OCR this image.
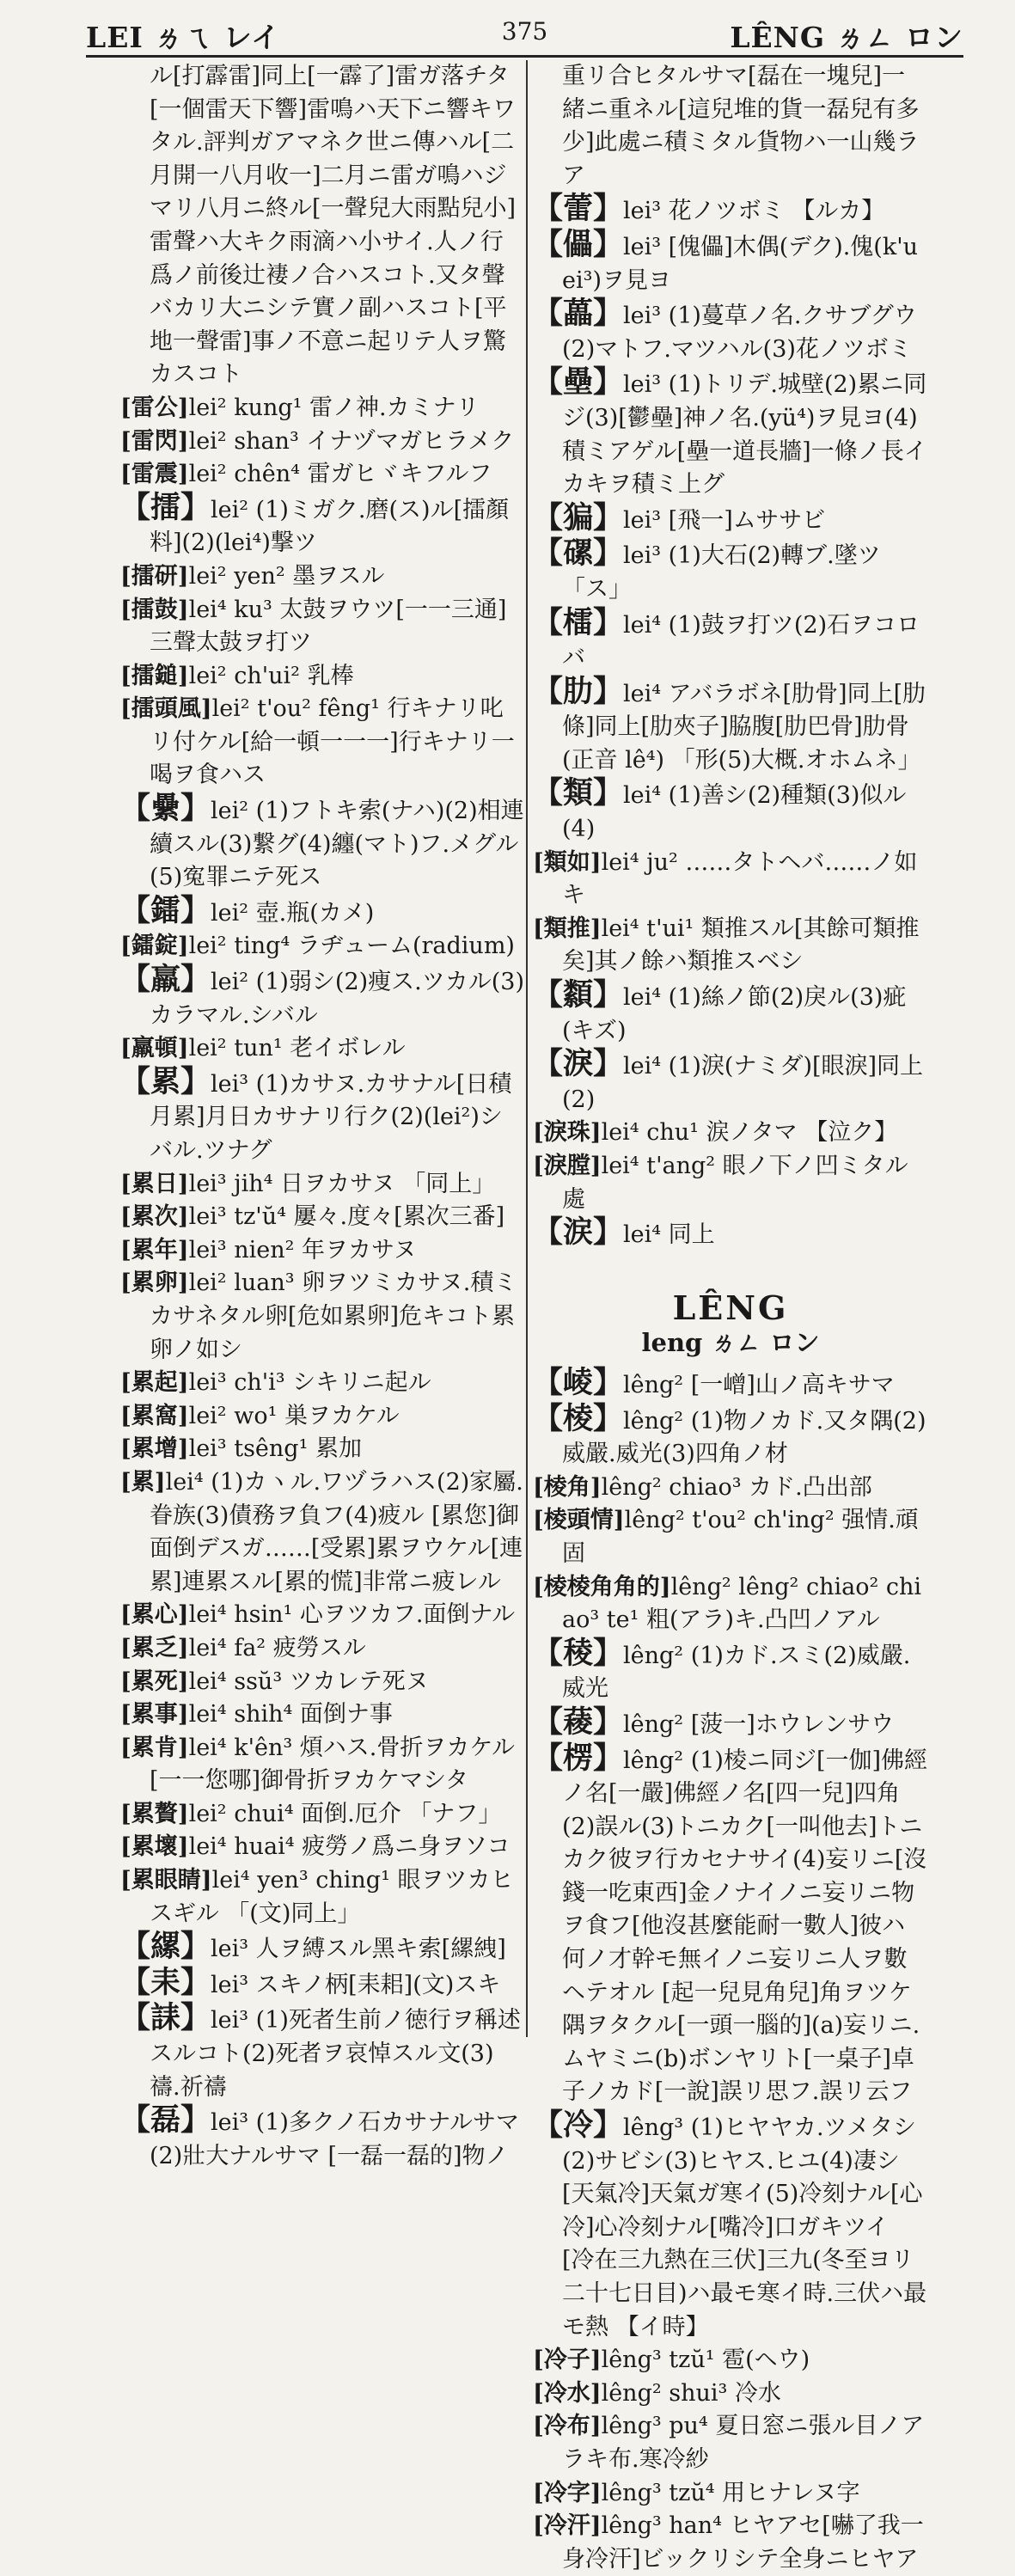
LEI ㄌㄟ レイ	375	LÊNG ㄌㄥ ロン

ル[打霹雷]同上[一霹了]雷ガ落チタ[一個雷天下響]雷鳴ハ天下ニ響キワタル.評判ガアマネク世ニ傳ハル[二月開一八月收一]二月ニ雷ガ鳴ハジマリ八月ニ終ル[一聲兒大雨點兒小]雷聲ハ大キク雨滴ハ小サイ.人ノ行爲ノ前後辻褄ノ合ハスコト.又タ聲バカリ大ニシテ實ノ副ハスコト[平地一聲雷]事ノ不意ニ起リテ人ヲ驚カスコト

[雷公]lei² kung¹ 雷ノ神.カミナリ

[雷閃]lei² shan³ イナヅマガヒラメク

[雷震]lei² chên⁴ 雷ガヒヾキフルフ

【擂】lei² (1)ミガク.磨(ス)ル[擂顏料](2)(lei⁴)撃ツ

[擂研]lei² yen² 墨ヲスル

[擂鼓]lei⁴ ku³ 太鼓ヲウツ[一一三通]三聲太鼓ヲ打ツ

[擂鎚]lei² ch'ui² 乳棒

[擂頭風]lei² t'ou² fêng¹ 行キナリ叱リ付ケル[給一頓一一一]行キナリ一喝ヲ食ハス

【纍】lei² (1)フトキ索(ナハ)(2)相連續スル(3)繋グ(4)纏(マト)フ.メグル(5)寃罪ニテ死ス

【鐳】lei² 壺.瓶(カメ)

[鐳錠]lei² ting⁴ ラヂューム(radium)

【羸】lei² (1)弱シ(2)痩ス.ツカル(3)カラマル.シバル

[羸頓]lei² tun¹ 老イボレル

【累】lei³ (1)カサヌ.カサナル[日積月累]月日カサナリ行ク(2)(lei²)シバル.ツナグ

[累日]lei³ jih⁴ 日ヲカサヌ 「同上」

[累次]lei³ tz'ŭ⁴ 屢々.度々[累次三番]

[累年]lei³ nien² 年ヲカサヌ

[累卵]lei² luan³ 卵ヲツミカサヌ.積ミカサネタル卵[危如累卵]危キコト累卵ノ如シ

[累起]lei³ ch'i³ シキリニ起ル

[累窩]lei² wo¹ 巣ヲカケル

[累增]lei³ tsêng¹ 累加

[累]lei⁴ (1)カヽル.ワヅラハス(2)家屬.眷族(3)債務ヲ負フ(4)疲ル [累您]御面倒デスガ……[受累]累ヲウケル[連累]連累スル[累的慌]非常ニ疲レル

[累心]lei⁴ hsin¹ 心ヲツカフ.面倒ナル

[累乏]lei⁴ fa² 疲勞スル

[累死]lei⁴ ssŭ³ ツカレテ死ヌ

[累事]lei⁴ shih⁴ 面倒ナ事

[累肯]lei⁴ k'ên³ 煩ハス.骨折ヲカケル[一一您哪]御骨折ヲカケマシタ

[累贅]lei² chui⁴ 面倒.厄介 「ナフ」

[累壞]lei⁴ huai⁴ 疲勞ノ爲ニ身ヲソコ

[累眼睛]lei⁴ yen³ ching¹ 眼ヲツカヒスギル 「(文)同上」

【縲】lei³ 人ヲ縛スル黑キ索[縲絏]

【耒】lei³ スキノ柄[耒耜](文)スキ

【誄】lei³ (1)死者生前ノ徳行ヲ稱述スルコト(2)死者ヲ哀悼スル文(3)禱.祈禱

【磊】lei³ (1)多クノ石カサナルサマ(2)壯大ナルサマ [一磊一磊的]物ノ

重リ合ヒタルサマ[磊在一塊兒]一緒ニ重ネル[這兒堆的貨一磊兒有多少]此處ニ積ミタル貨物ハ一山幾ラア

【蕾】lei³ 花ノツボミ 【ルカ】

【儡】lei³ [傀儡]木偶(デク).傀(k'uei³)ヲ見ヨ

【藟】lei³ (1)蔓草ノ名.クサブグウ(2)マトフ.マツハル(3)花ノツボミ

【壘】lei³ (1)トリデ.城壁(2)累ニ同ジ(3)[鬱壘]神ノ名.(yü⁴)ヲ見ヨ(4)積ミアゲル[壘一道長牆]一條ノ長イカキヲ積ミ上グ

【猵】lei³ [飛一]ムササビ

【磥】lei³ (1)大石(2)轉ブ.墜ツ 「ス」

【檑】lei⁴ (1)鼓ヲ打ツ(2)石ヲコロバ

【肋】lei⁴ アバラボネ[肋骨]同上[肋條]同上[肋夾子]脇腹[肋巴骨]肋骨(正音 lê⁴) 「形(5)大概.オホムネ」

【類】lei⁴ (1)善シ(2)種類(3)似ル(4)

[類如]lei⁴ ju² ……タトヘバ……ノ如キ

[類推]lei⁴ t'ui¹ 類推スル[其餘可類推矣]其ノ餘ハ類推スベシ

【纇】lei⁴ (1)絲ノ節(2)戾ル(3)疵(キズ)

【淚】lei⁴ (1)淚(ナミダ)[眼淚]同上(2)

[淚珠]lei⁴ chu¹ 涙ノタマ 【泣ク】

[淚膛]lei⁴ t'ang² 眼ノ下ノ凹ミタル處

【涙】lei⁴ 同上

LÊNG
leng ㄌㄥ ロン

【崚】lêng² [一嶒]山ノ高キサマ

【棱】lêng² (1)物ノカド.又タ隅(2)威嚴.威光(3)四角ノ材

[棱角]lêng² chiao³ カド.凸出部

[棱頭情]lêng² t'ou² ch'ing² 强情.頑固

[棱棱角角的]lêng² lêng² chiao² chiao³ te¹ 粗(アラ)キ.凸凹ノアル

【稜】lêng² (1)カド.スミ(2)威嚴.威光

【薐】lêng² [菠一]ホウレンサウ

【楞】lêng² (1)棱ニ同ジ[一伽]佛經ノ名[一嚴]佛經ノ名[四一兒]四角(2)誤ル(3)トニカク[一叫他去]トニカク彼ヲ行カセナサイ(4)妄リニ[沒錢一吃東西]金ノナイノニ妄リニ物ヲ食フ[他沒甚麼能耐一數人]彼ハ何ノ才幹モ無イノニ妄リニ人ヲ數ヘテオル [起一兒見角兒]角ヲツケ隅ヲタクル[一頭一腦的](a)妄リニ.ムヤミニ(b)ボンヤリト[一桌子]卓子ノカド[一說]誤リ思フ.誤リ云フ

【冷】lêng³ (1)ヒヤヤカ.ツメタシ(2)サビシ(3)ヒヤス.ヒユ(4)凄シ[天氣冷]天氣ガ寒イ(5)冷刻ナル[心冷]心冷刻ナル[嘴冷]口ガキツイ [冷在三九熱在三伏]三九(冬至ヨリ二十七日目)ハ最モ寒イ時.三伏ハ最モ熱 【イ時】

[冷子]lêng³ tzŭ¹ 雹(ヘウ)

[冷水]lêng² shui³ 冷水

[冷布]lêng³ pu⁴ 夏日窓ニ張ル目ノアラキ布.寒冷紗

[冷字]lêng³ tzŭ⁴ 用ヒナレヌ字

[冷汗]lêng³ han⁴ ヒヤアセ[嚇了我一身冷汗]ビックリシテ全身ニヒヤア
